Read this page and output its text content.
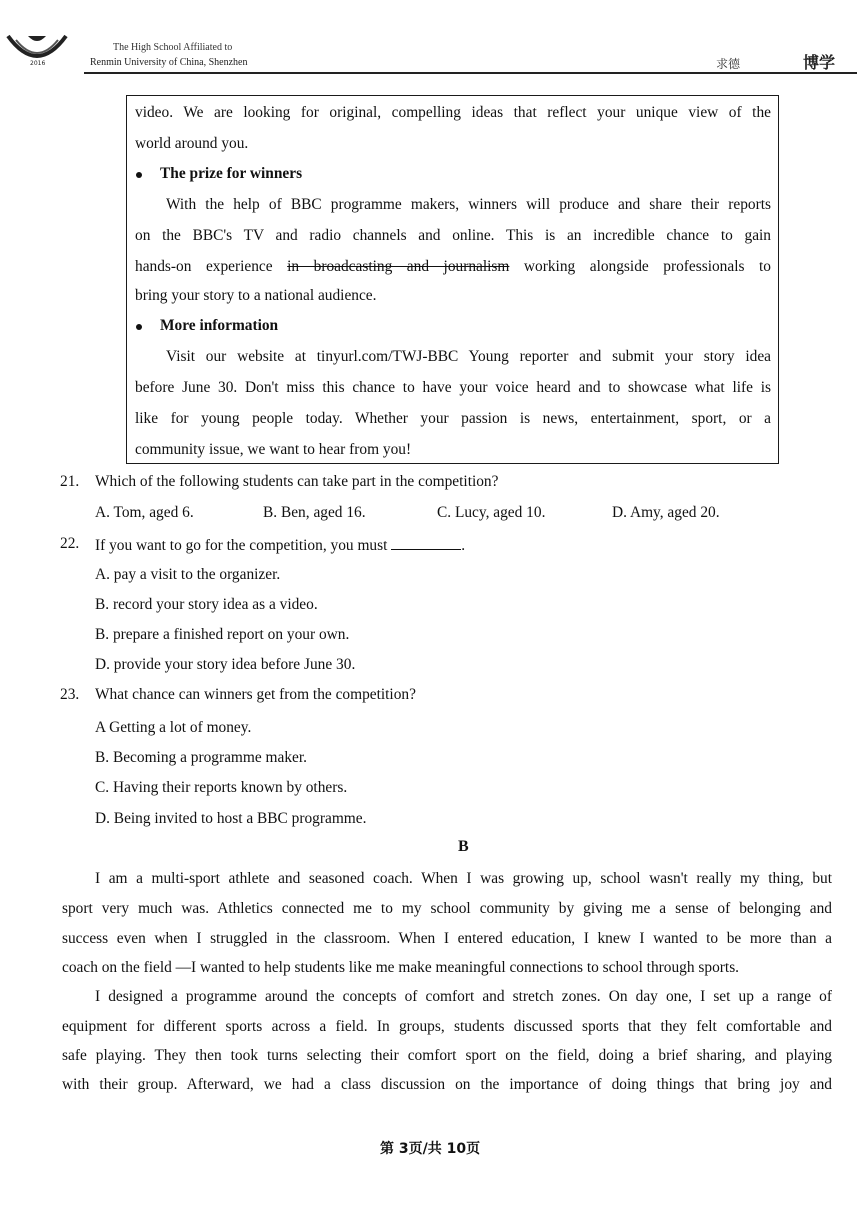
2016
The High School Affiliated to
Renmin University of China, Shenzhen	求德	博学
video. We are looking for original, compelling ideas that reflect your unique view of the
world around you.
The prize for winners
With the help of BBC programme makers, winners will produce and share their reports
on the BBC's TV and radio channels and online. This is an incredible chance to gain
hands-on experience in broadcasting and journalism working alongside professionals to
bring your story to a national audience.
More information
Visit our website at tinyurl.com/TWJ-BBC Young reporter and submit your story idea
before June 30. Don't miss this chance to have your voice heard and to showcase what life is
like for young people today. Whether your passion is news, entertainment, sport, or a
community issue, we want to hear from you!
21. Which of the following students can take part in the competition?
A. Tom, aged 6.	B. Ben, aged 16.	C. Lucy, aged 10.	D. Amy, aged 20.
22. If you want to go for the competition, you must	.
A. pay a visit to the organizer.
B. record your story idea as a video.
B. prepare a finished report on your own.
D. provide your story idea before June 30.
23. What chance can winners get from the competition?
A Getting a lot of money.
B. Becoming a programme maker.
C. Having their reports known by others.
D. Being invited to host a BBC programme.
B
I am a multi-sport athlete and seasoned coach. When I was growing up, school wasn't really my thing, but
sport very much was. Athletics connected me to my school community by giving me a sense of belonging and
success even when I struggled in the classroom. When I entered education, I knew I wanted to be more than a
coach on the field —I wanted to help students like me make meaningful connections to school through sports.
I designed a programme around the concepts of comfort and stretch zones. On day one, I set up a range of
equipment for different sports across a field. In groups, students discussed sports that they felt comfortable and
safe playing. They then took turns selecting their comfort sport on the field, doing a brief sharing, and playing
with their group. Afterward, we had a class discussion on the importance of doing things that bring joy and
第 3页/共 10页
